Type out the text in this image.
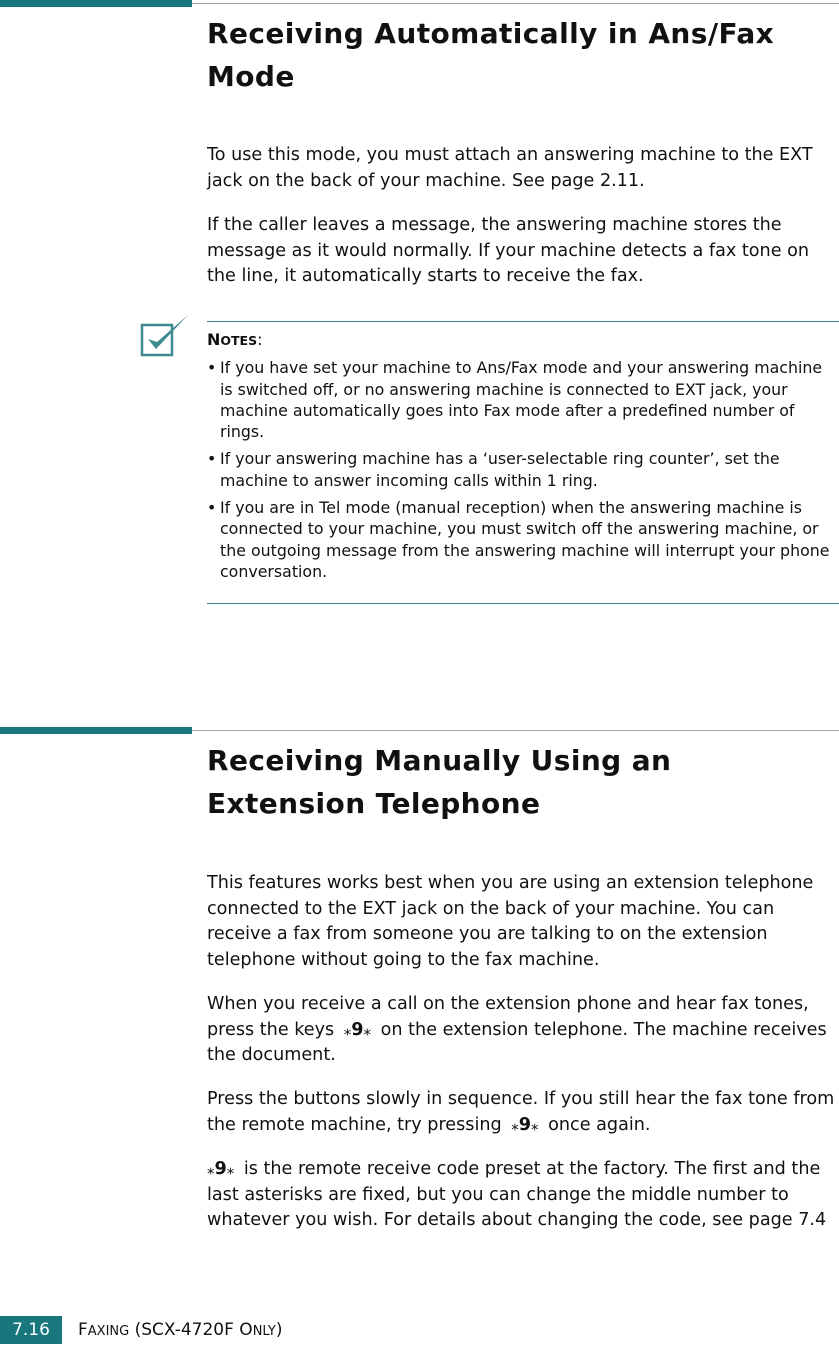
Receiving Automatically in Ans/Fax Mode

To use this mode, you must attach an answering machine to the EXT jack on the back of your machine. See page 2.11.

If the caller leaves a message, the answering machine stores the message as it would normally. If your machine detects a fax tone on the line, it automatically starts to receive the fax.

NOTES:

• If you have set your machine to Ans/Fax mode and your answering machine is switched off, or no answering machine is connected to EXT jack, your machine automatically goes into Fax mode after a predefined number of rings.
• If your answering machine has a ‘user-selectable ring counter’, set the machine to answer incoming calls within 1 ring.
• If you are in Tel mode (manual reception) when the answering machine is connected to your machine, you must switch off the answering machine, or the outgoing message from the answering machine will interrupt your phone conversation.
Receiving Manually Using an Extension Telephone

This features works best when you are using an extension telephone connected to the EXT jack on the back of your machine. You can receive a fax from someone you are talking to on the extension telephone without going to the fax machine.

When you receive a call on the extension phone and hear fax tones, press the keys ⁎9⁎ on the extension telephone. The machine receives the document.

Press the buttons slowly in sequence. If you still hear the fax tone from the remote machine, try pressing ⁎9⁎ once again.

⁎9⁎ is the remote receive code preset at the factory. The first and the last asterisks are fixed, but you can change the middle number to whatever you wish. For details about changing the code, see page 7.4

7.16	FAXING (SCX-4720F ONLY)
